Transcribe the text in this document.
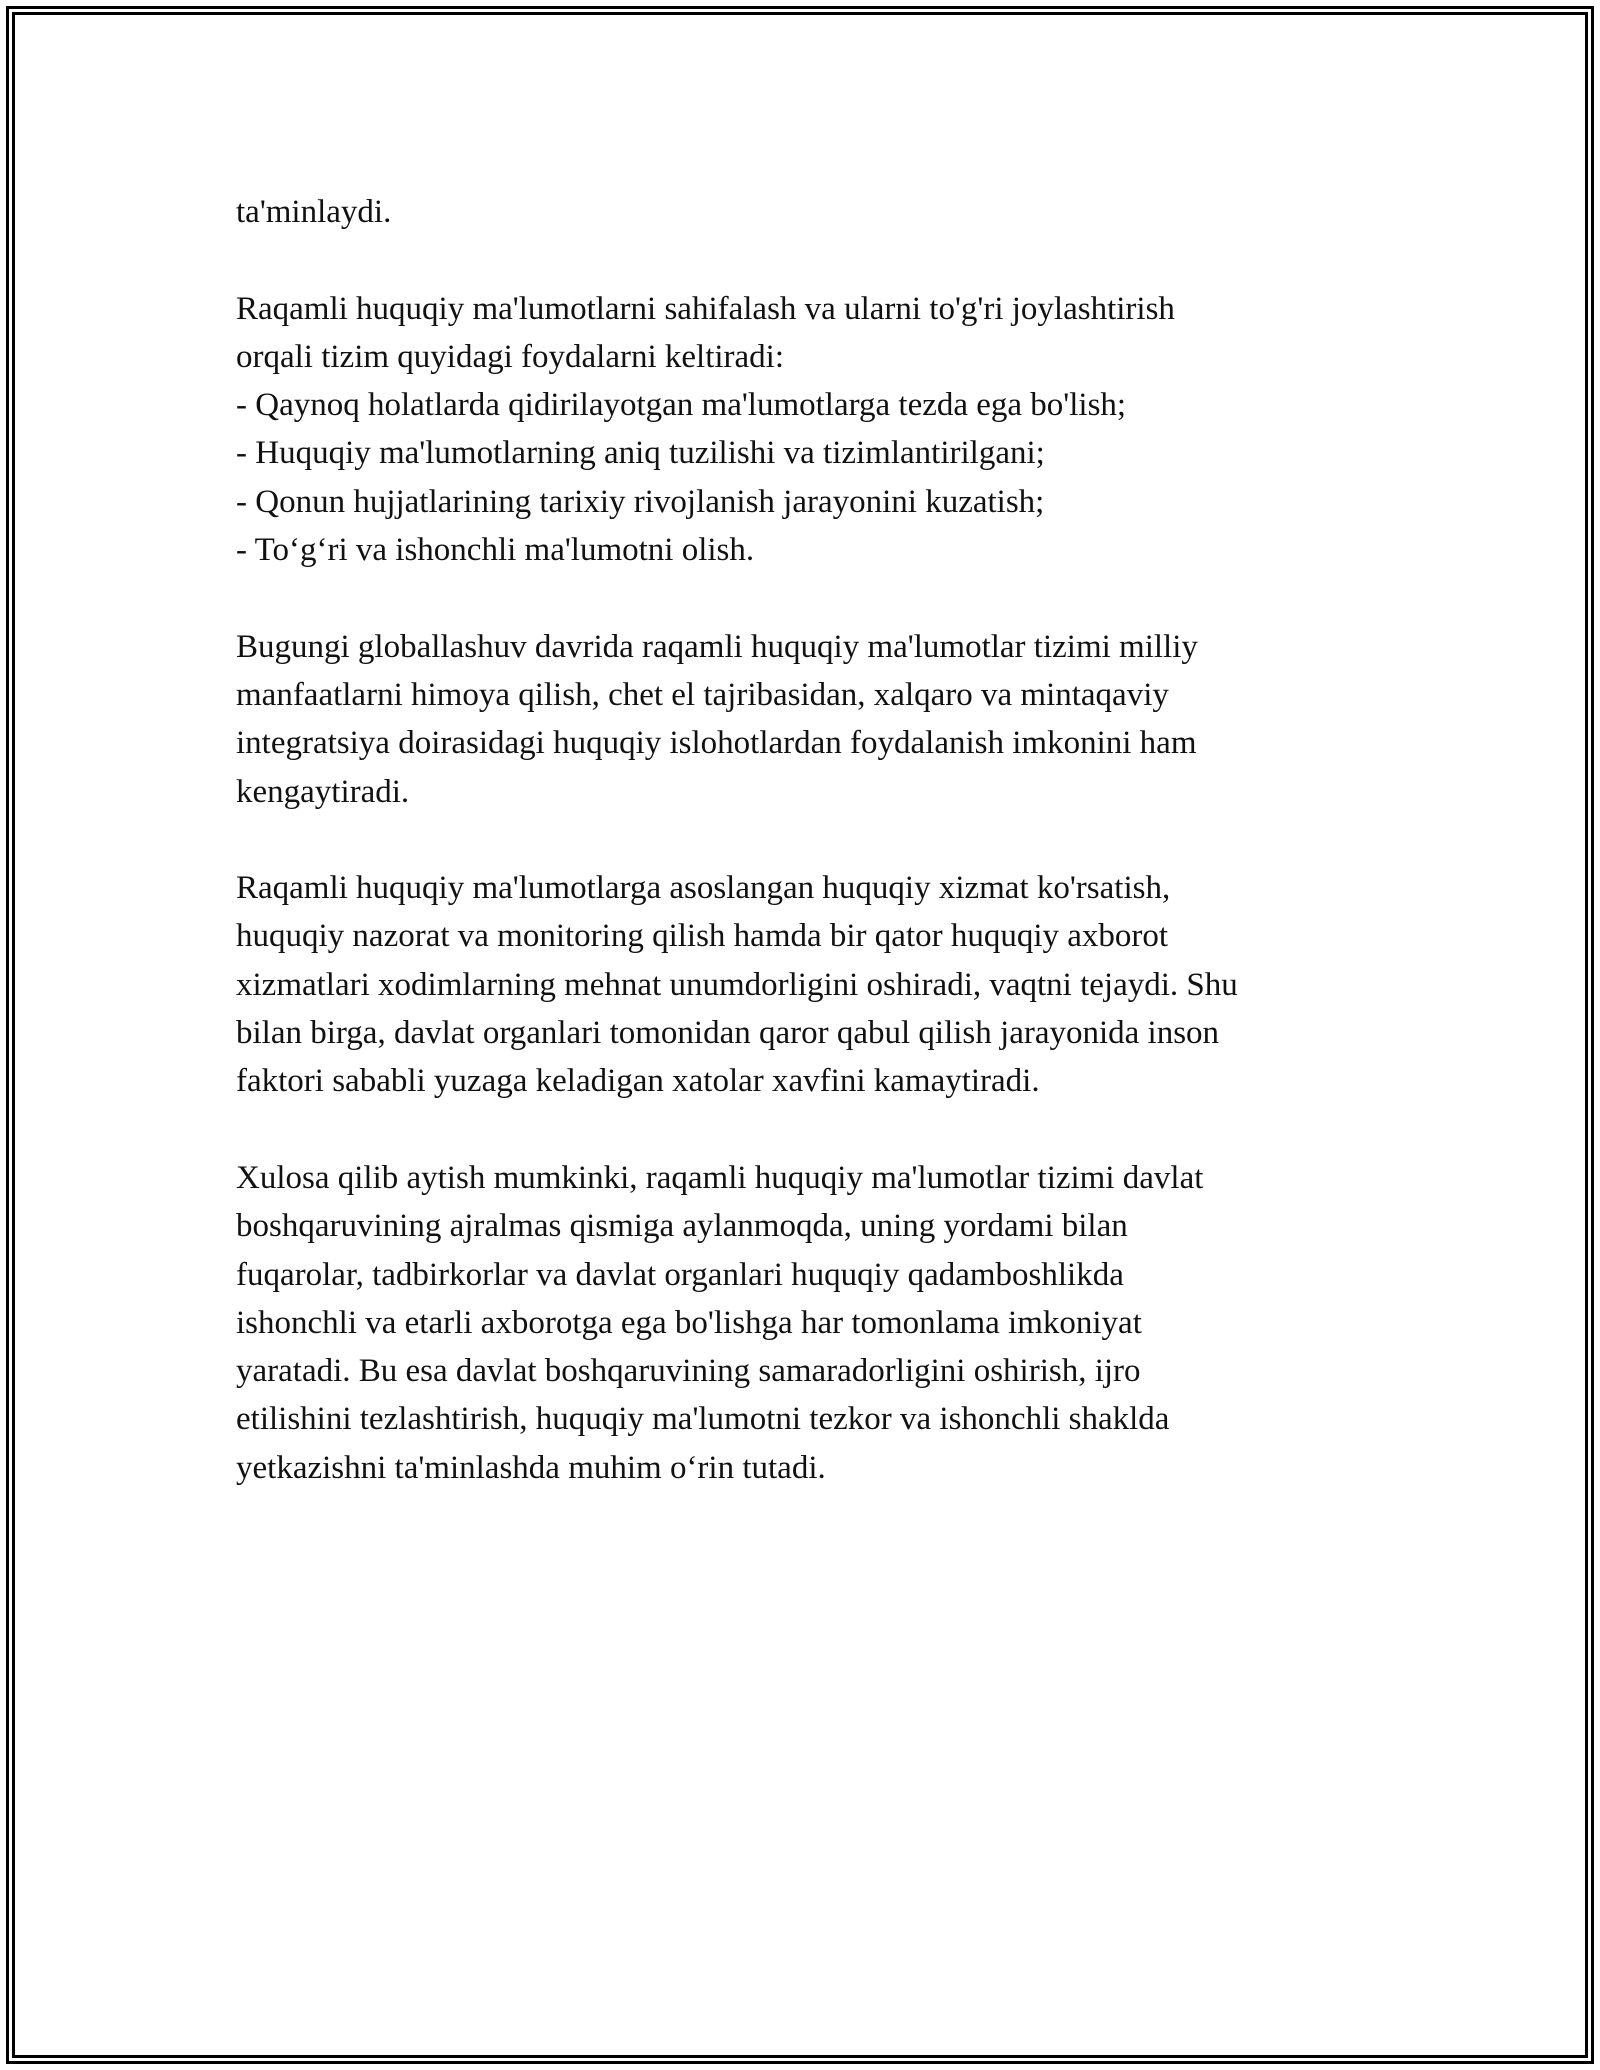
ta'minlaydi.

Raqamli huquqiy ma'lumotlarni sahifalash va ularni to'g'ri joylashtirish
orqali tizim quyidagi foydalarni keltiradi:
- Qaynoq holatlarda qidirilayotgan ma'lumotlarga tezda ega bo'lish;
- Huquqiy ma'lumotlarning aniq tuzilishi va tizimlantirilgani;
- Qonun hujjatlarining tarixiy rivojlanish jarayonini kuzatish;
- To‘g‘ri va ishonchli ma'lumotni olish.

Bugungi globallashuv davrida raqamli huquqiy ma'lumotlar tizimi milliy
manfaatlarni himoya qilish, chet el tajribasidan, xalqaro va mintaqaviy
integratsiya doirasidagi huquqiy islohotlardan foydalanish imkonini ham
kengaytiradi.

Raqamli huquqiy ma'lumotlarga asoslangan huquqiy xizmat ko'rsatish,
huquqiy nazorat va monitoring qilish hamda bir qator huquqiy axborot
xizmatlari xodimlarning mehnat unumdorligini oshiradi, vaqtni tejaydi. Shu
bilan birga, davlat organlari tomonidan qaror qabul qilish jarayonida inson
faktori sababli yuzaga keladigan xatolar xavfini kamaytiradi.

Xulosa qilib aytish mumkinki, raqamli huquqiy ma'lumotlar tizimi davlat
boshqaruvining ajralmas qismiga aylanmoqda, uning yordami bilan
fuqarolar, tadbirkorlar va davlat organlari huquqiy qadamboshlikda
ishonchli va etarli axborotga ega bo'lishga har tomonlama imkoniyat
yaratadi. Bu esa davlat boshqaruvining samaradorligini oshirish, ijro
etilishini tezlashtirish, huquqiy ma'lumotni tezkor va ishonchli shaklda
yetkazishni ta'minlashda muhim o‘rin tutadi.
